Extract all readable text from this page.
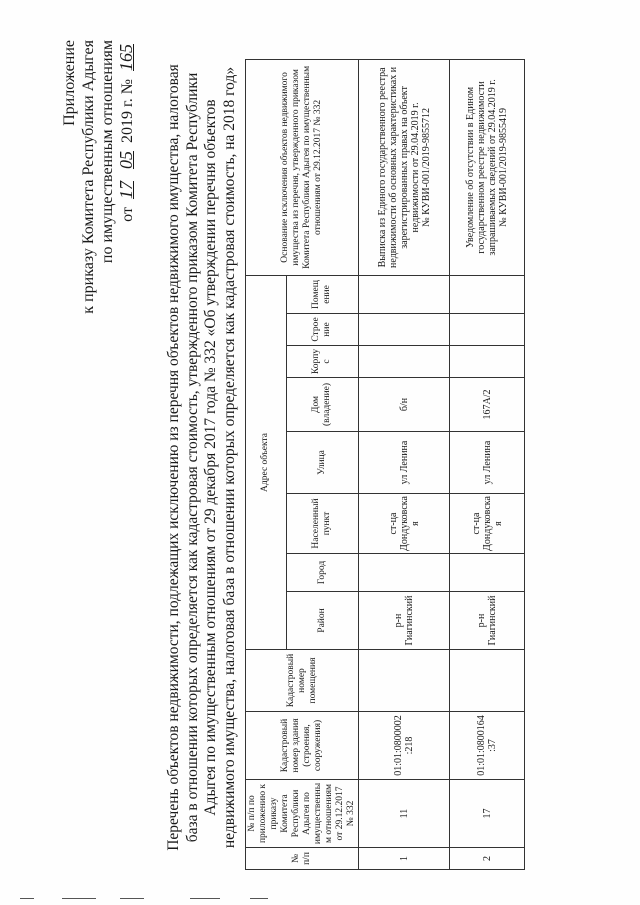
Приложение к приказу Комитета Республики Адыгея по имущественным отношениям от 17 05 2019 г. № 165
Перечень объектов недвижимости, подлежащих исключению из перечня объектов недвижимого имущества, налоговая база в отношении которых определяется как кадастровая стоимость, утвержденного приказом Комитета Республики Адыгея по имущественным отношениям от 29 декабря 2017 года № 332 «Об утверждении перечня объектов недвижимого имущества, налоговая база в отношении которых определяется как кадастровая стоимость, на 2018 год»
№ п/п	№ п/п по приложению к приказу Комитета Республики Адыгея по имущественным отношениям от 29.12.2017 № 332	Кадастровый номер здания (строения, сооружения)	Кадастровый номер помещения	Адрес объекта								Основание исключения объектов недвижимого имущества из перечня, утвержденного приказом Комитета Республики Адыгея по имущественным отношениям от 29.12.2017 № 332
				Район	Город	Населенный пункт	Улица	Дом (владение)	Корпус	Строение	Помещение	
1	11	01:01:0800002:218		р-н Гиагинский		ст-ца Дондуковская	ул Ленина	б/н				Выписка из Единого государственного реестра недвижимости об основных характеристиках и зарегистрированных правах на объект недвижимости от 29.04.2019 г. № КУВИ-001/2019-9855712

2	17	01:01:0800164:37		р-н Гиагинский		ст-ца Дондуковская	ул Ленина	167А/2				Уведомление об отсутствии в Едином государственном реестре недвижимости запрашиваемых сведений от 29.04.2019 г. № КУВИ-001/2019-9855419
